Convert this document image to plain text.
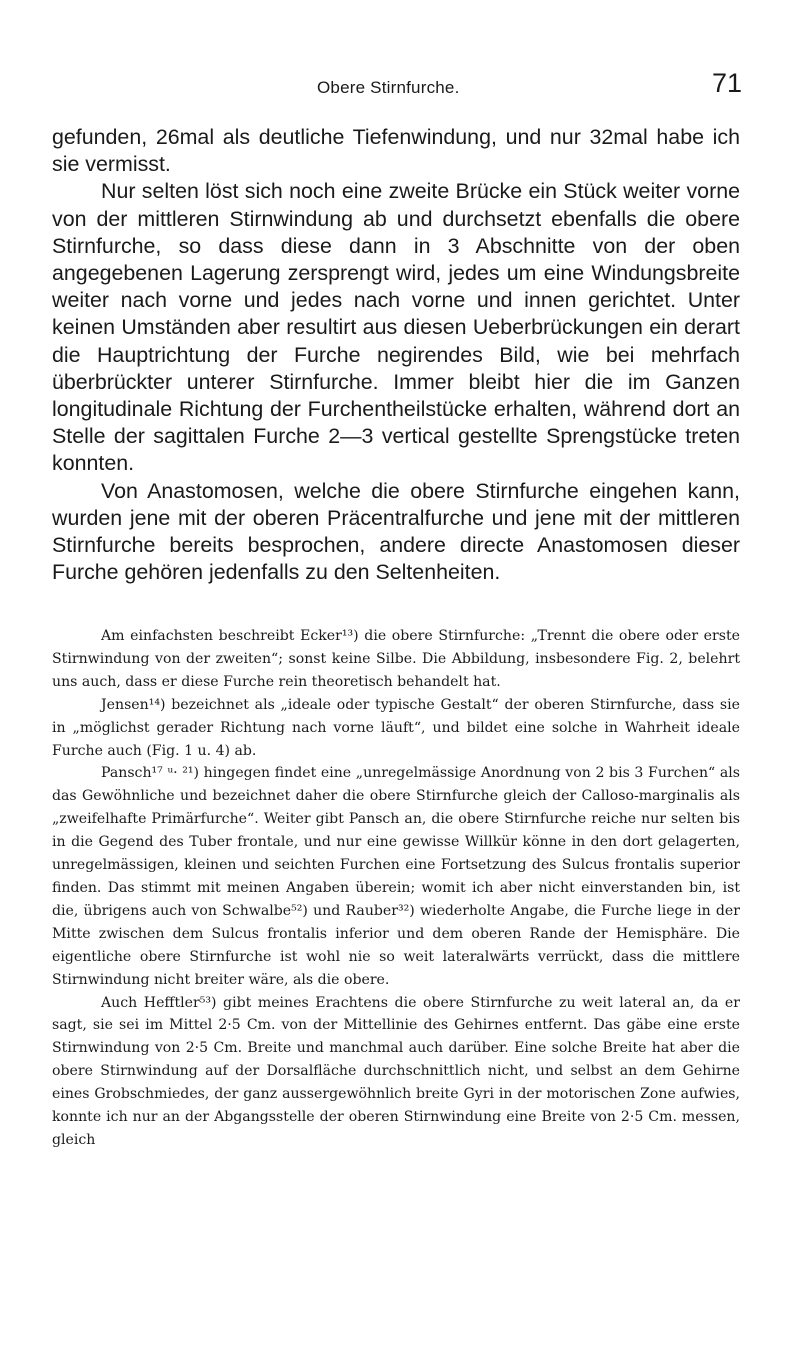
Obere Stirnfurche.	71

gefunden, 26mal als deutliche Tiefenwindung, und nur 32mal habe ich sie vermisst.

Nur selten löst sich noch eine zweite Brücke ein Stück weiter vorne von der mittleren Stirnwindung ab und durchsetzt ebenfalls die obere Stirnfurche, so dass diese dann in 3 Abschnitte von der oben angegebenen Lagerung zersprengt wird, jedes um eine Windungsbreite weiter nach vorne und jedes nach vorne und innen gerichtet. Unter keinen Umständen aber resultirt aus diesen Ueberbrückungen ein derart die Hauptrichtung der Furche negirendes Bild, wie bei mehrfach überbrückter unterer Stirnfurche. Immer bleibt hier die im Ganzen longitudinale Richtung der Furchentheilstücke erhalten, während dort an Stelle der sagittalen Furche 2—3 vertical gestellte Sprengstücke treten konnten.

Von Anastomosen, welche die obere Stirnfurche eingehen kann, wurden jene mit der oberen Präcentralfurche und jene mit der mittleren Stirnfurche bereits besprochen, andere directe Anastomosen dieser Furche gehören jedenfalls zu den Seltenheiten.

Am einfachsten beschreibt Ecker¹³) die obere Stirnfurche: „Trennt die obere oder erste Stirnwindung von der zweiten“; sonst keine Silbe. Die Abbildung, insbesondere Fig. 2, belehrt uns auch, dass er diese Furche rein theoretisch behandelt hat.

Jensen¹⁴) bezeichnet als „ideale oder typische Gestalt“ der oberen Stirnfurche, dass sie in „möglichst gerader Richtung nach vorne läuft“, und bildet eine solche in Wahrheit ideale Furche auch (Fig. 1 u. 4) ab.

Pansch¹⁷ ᵘ· ²¹) hingegen findet eine „unregelmässige Anordnung von 2 bis 3 Furchen“ als das Gewöhnliche und bezeichnet daher die obere Stirnfurche gleich der Calloso-marginalis als „zweifelhafte Primärfurche“. Weiter gibt Pansch an, die obere Stirnfurche reiche nur selten bis in die Gegend des Tuber frontale, und nur eine gewisse Willkür könne in den dort gelagerten, unregelmässigen, kleinen und seichten Furchen eine Fortsetzung des Sulcus frontalis superior finden. Das stimmt mit meinen Angaben überein; womit ich aber nicht einverstanden bin, ist die, übrigens auch von Schwalbe⁵²) und Rauber³²) wiederholte Angabe, die Furche liege in der Mitte zwischen dem Sulcus frontalis inferior und dem oberen Rande der Hemisphäre. Die eigentliche obere Stirnfurche ist wohl nie so weit lateralwärts verrückt, dass die mittlere Stirnwindung nicht breiter wäre, als die obere.

Auch Hefftler⁵³) gibt meines Erachtens die obere Stirnfurche zu weit lateral an, da er sagt, sie sei im Mittel 2·5 Cm. von der Mittellinie des Gehirnes entfernt. Das gäbe eine erste Stirnwindung von 2·5 Cm. Breite und manchmal auch darüber. Eine solche Breite hat aber die obere Stirnwindung auf der Dorsalfläche durchschnittlich nicht, und selbst an dem Gehirne eines Grobschmiedes, der ganz aussergewöhnlich breite Gyri in der motorischen Zone aufwies, konnte ich nur an der Abgangsstelle der oberen Stirnwindung eine Breite von 2·5 Cm. messen, gleich
